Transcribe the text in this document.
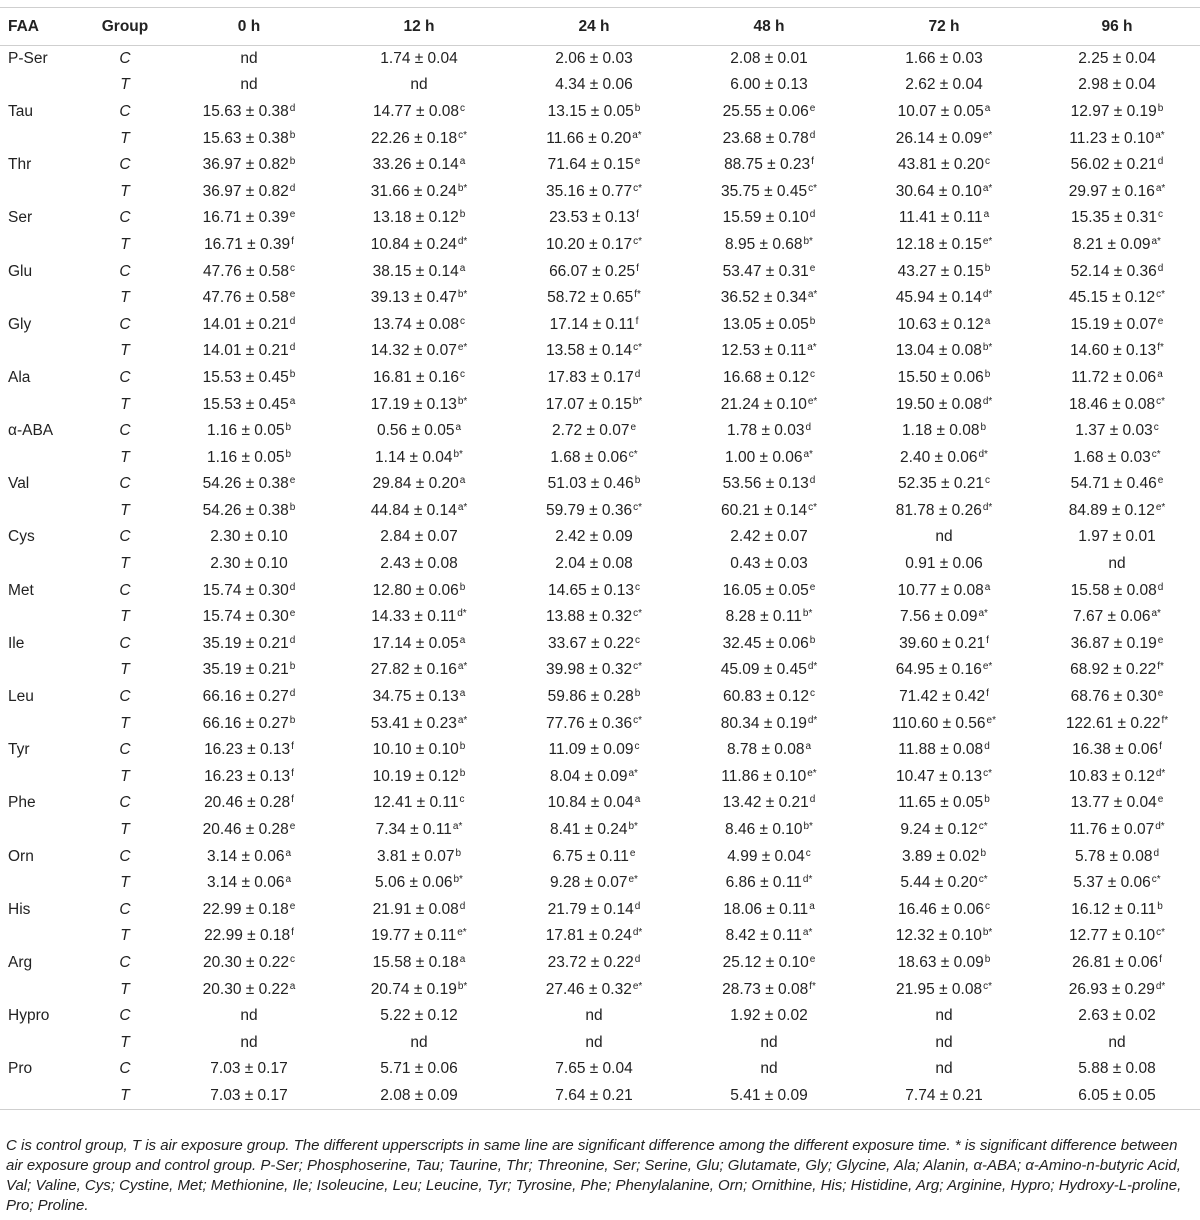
FAA	Group	0 h	12 h	24 h	48 h	72 h	96 h
P-Ser	C	nd	1.74 ± 0.04	2.06 ± 0.03	2.08 ± 0.01	1.66 ± 0.03	2.25 ± 0.04
	T	nd	nd	4.34 ± 0.06	6.00 ± 0.13	2.62 ± 0.04	2.98 ± 0.04
Tau	C	15.63 ± 0.38$^d$	14.77 ± 0.08$^c$	13.15 ± 0.05$^b$	25.55 ± 0.06$^e$	10.07 ± 0.05$^a$	12.97 ± 0.19$^b$
	T	15.63 ± 0.38$^b$	$22.26 \pm 0.18^{c*}$	$11.66 \pm 0.20^{a*}$	23.68 ± 0.78$^d$	$26.14 \pm 0.09^{e*}$	$11.23 \pm 0.10^{a*}$
Thr	C	36.97 ± 0.82$^b$	33.26 ± 0.14$^a$	71.64 ± 0.15$^e$	88.75 ± 0.23$^f$	43.81 ± 0.20$^c$	56.02 ± 0.21$^d$
	T	36.97 ± 0.82$^d$	$31.66 \pm 0.24^{b*}$	$35.16 \pm 0.77^{c*}$	$35.75 \pm 0.45^{c*}$	$30.64 \pm 0.10^{a*}$	$29.97 \pm 0.16^{a*}$
Ser	C	16.71 ± 0.39$^e$	13.18 ± 0.12$^b$	23.53 ± 0.13$^f$	15.59 ± 0.10$^d$	11.41 ± 0.11$^a$	15.35 ± 0.31$^c$
	T	16.71 ± 0.39$^f$	$10.84 \pm 0.24^{d*}$	$10.20 \pm 0.17^{c*}$	$8.95 \pm 0.68^{b*}$	$12.18 \pm 0.15^{e*}$	$8.21 \pm 0.09^{a*}$
Glu	C	47.76 ± 0.58$^c$	38.15 ± 0.14$^a$	66.07 ± 0.25$^f$	53.47 ± 0.31$^e$	43.27 ± 0.15$^b$	52.14 ± 0.36$^d$
	T	47.76 ± 0.58$^e$	$39.13 \pm 0.47^{b*}$	$58.72 \pm 0.65^{f*}$	$36.52 \pm 0.34^{a*}$	$45.94 \pm 0.14^{d*}$	$45.15 \pm 0.12^{c*}$
Gly	C	14.01 ± 0.21$^d$	13.74 ± 0.08$^c$	17.14 ± 0.11$^f$	13.05 ± 0.05$^b$	10.63 ± 0.12$^a$	15.19 ± 0.07$^e$
	T	14.01 ± 0.21$^d$	$14.32 \pm 0.07^{e*}$	$13.58 \pm 0.14^{c*}$	$12.53 \pm 0.11^{a*}$	$13.04 \pm 0.08^{b*}$	$14.60 \pm 0.13^{f*}$
Ala	C	15.53 ± 0.45$^b$	16.81 ± 0.16$^c$	17.83 ± 0.17$^d$	16.68 ± 0.12$^c$	15.50 ± 0.06$^b$	11.72 ± 0.06$^a$
	T	15.53 ± 0.45$^a$	$17.19 \pm 0.13^{b*}$	$17.07 \pm 0.15^{b*}$	$21.24 \pm 0.10^{e*}$	$19.50 \pm 0.08^{d*}$	$18.46 \pm 0.08^{c*}$
α-ABA	C	1.16 ± 0.05$^b$	0.56 ± 0.05$^a$	2.72 ± 0.07$^e$	1.78 ± 0.03$^d$	1.18 ± 0.08$^b$	1.37 ± 0.03$^c$
	T	1.16 ± 0.05$^b$	$1.14 \pm 0.04^{b*}$	$1.68 \pm 0.06^{c*}$	$1.00 \pm 0.06^{a*}$	$2.40 \pm 0.06^{d*}$	$1.68 \pm 0.03^{c*}$
Val	C	54.26 ± 0.38$^e$	29.84 ± 0.20$^a$	51.03 ± 0.46$^b$	53.56 ± 0.13$^d$	52.35 ± 0.21$^c$	54.71 ± 0.46$^e$
	T	54.26 ± 0.38$^b$	$44.84 \pm 0.14^{a*}$	$59.79 \pm 0.36^{c*}$	$60.21 \pm 0.14^{c*}$	$81.78 \pm 0.26^{d*}$	$84.89 \pm 0.12^{e*}$
Cys	C	2.30 ± 0.10	2.84 ± 0.07	2.42 ± 0.09	2.42 ± 0.07	nd	1.97 ± 0.01
	T	2.30 ± 0.10	2.43 ± 0.08	2.04 ± 0.08	0.43 ± 0.03	0.91 ± 0.06	nd
Met	C	15.74 ± 0.30$^d$	12.80 ± 0.06$^b$	14.65 ± 0.13$^c$	16.05 ± 0.05$^e$	10.77 ± 0.08$^a$	15.58 ± 0.08$^d$
	T	15.74 ± 0.30$^e$	$14.33 \pm 0.11^{d*}$	$13.88 \pm 0.32^{c*}$	$8.28 \pm 0.11^{b*}$	$7.56 \pm 0.09^{a*}$	$7.67 \pm 0.06^{a*}$
Ile	C	35.19 ± 0.21$^d$	17.14 ± 0.05$^a$	33.67 ± 0.22$^c$	32.45 ± 0.06$^b$	39.60 ± 0.21$^f$	36.87 ± 0.19$^e$
	T	35.19 ± 0.21$^b$	$27.82 \pm 0.16^{a*}$	$39.98 \pm 0.32^{c*}$	$45.09 \pm 0.45^{d*}$	$64.95 \pm 0.16^{e*}$	$68.92 \pm 0.22^{f*}$
Leu	C	66.16 ± 0.27$^d$	34.75 ± 0.13$^a$	59.86 ± 0.28$^b$	60.83 ± 0.12$^c$	71.42 ± 0.42$^f$	68.76 ± 0.30$^e$
	T	66.16 ± 0.27$^b$	$53.41 \pm 0.23^{a*}$	$77.76 \pm 0.36^{c*}$	$80.34 \pm 0.19^{d*}$	$110.60 \pm 0.56^{e*}$	$122.61 \pm 0.22^{f*}$
Tyr	C	16.23 ± 0.13$^f$	10.10 ± 0.10$^b$	11.09 ± 0.09$^c$	8.78 ± 0.08$^a$	11.88 ± 0.08$^d$	16.38 ± 0.06$^f$
	T	16.23 ± 0.13$^f$	10.19 ± 0.12$^b$	$8.04 \pm 0.09^{a*}$	$11.86 \pm 0.10^{e*}$	$10.47 \pm 0.13^{c*}$	$10.83 \pm 0.12^{d*}$
Phe	C	20.46 ± 0.28$^f$	12.41 ± 0.11$^c$	10.84 ± 0.04$^a$	13.42 ± 0.21$^d$	11.65 ± 0.05$^b$	13.77 ± 0.04$^e$
	T	20.46 ± 0.28$^e$	$7.34 \pm 0.11^{a*}$	$8.41 \pm 0.24^{b*}$	$8.46 \pm 0.10^{b*}$	$9.24 \pm 0.12^{c*}$	$11.76 \pm 0.07^{d*}$
Orn	C	3.14 ± 0.06$^a$	3.81 ± 0.07$^b$	6.75 ± 0.11$^e$	4.99 ± 0.04$^c$	3.89 ± 0.02$^b$	5.78 ± 0.08$^d$
	T	3.14 ± 0.06$^a$	$5.06 \pm 0.06^{b*}$	$9.28 \pm 0.07^{e*}$	$6.86 \pm 0.11^{d*}$	$5.44 \pm 0.20^{c*}$	$5.37 \pm 0.06^{c*}$
His	C	22.99 ± 0.18$^e$	21.91 ± 0.08$^d$	21.79 ± 0.14$^d$	18.06 ± 0.11$^a$	16.46 ± 0.06$^c$	16.12 ± 0.11$^b$
	T	22.99 ± 0.18$^f$	$19.77 \pm 0.11^{e*}$	$17.81 \pm 0.24^{d*}$	$8.42 \pm 0.11^{a*}$	$12.32 \pm 0.10^{b*}$	$12.77 \pm 0.10^{c*}$
Arg	C	20.30 ± 0.22$^c$	15.58 ± 0.18$^a$	23.72 ± 0.22$^d$	25.12 ± 0.10$^e$	18.63 ± 0.09$^b$	26.81 ± 0.06$^f$
	T	20.30 ± 0.22$^a$	$20.74 \pm 0.19^{b*}$	$27.46 \pm 0.32^{e*}$	$28.73 \pm 0.08^{f*}$	$21.95 \pm 0.08^{c*}$	$26.93 \pm 0.29^{d*}$
Hypro	C	nd	5.22 ± 0.12	nd	1.92 ± 0.02	nd	2.63 ± 0.02
	T	nd	nd	nd	nd	nd	nd
Pro	C	7.03 ± 0.17	5.71 ± 0.06	7.65 ± 0.04	nd	nd	5.88 ± 0.08
	T	7.03 ± 0.17	2.08 ± 0.09	7.64 ± 0.21	5.41 ± 0.09	7.74 ± 0.21	6.05 ± 0.05
C is control group, T is air exposure group. The different upperscripts in same line are significant difference among the different exposure time. * is significant difference between air exposure group and control group. P-Ser; Phosphoserine, Tau; Taurine, Thr; Threonine, Ser; Serine, Glu; Glutamate, Gly; Glycine, Ala; Alanin, α-ABA; α-Amino-n-butyric Acid, Val; Valine, Cys; Cystine, Met; Methionine, Ile; Isoleucine, Leu; Leucine, Tyr; Tyrosine, Phe; Phenylalanine, Orn; Ornithine, His; Histidine, Arg; Arginine, Hypro; Hydroxy-L-proline, Pro; Proline.
